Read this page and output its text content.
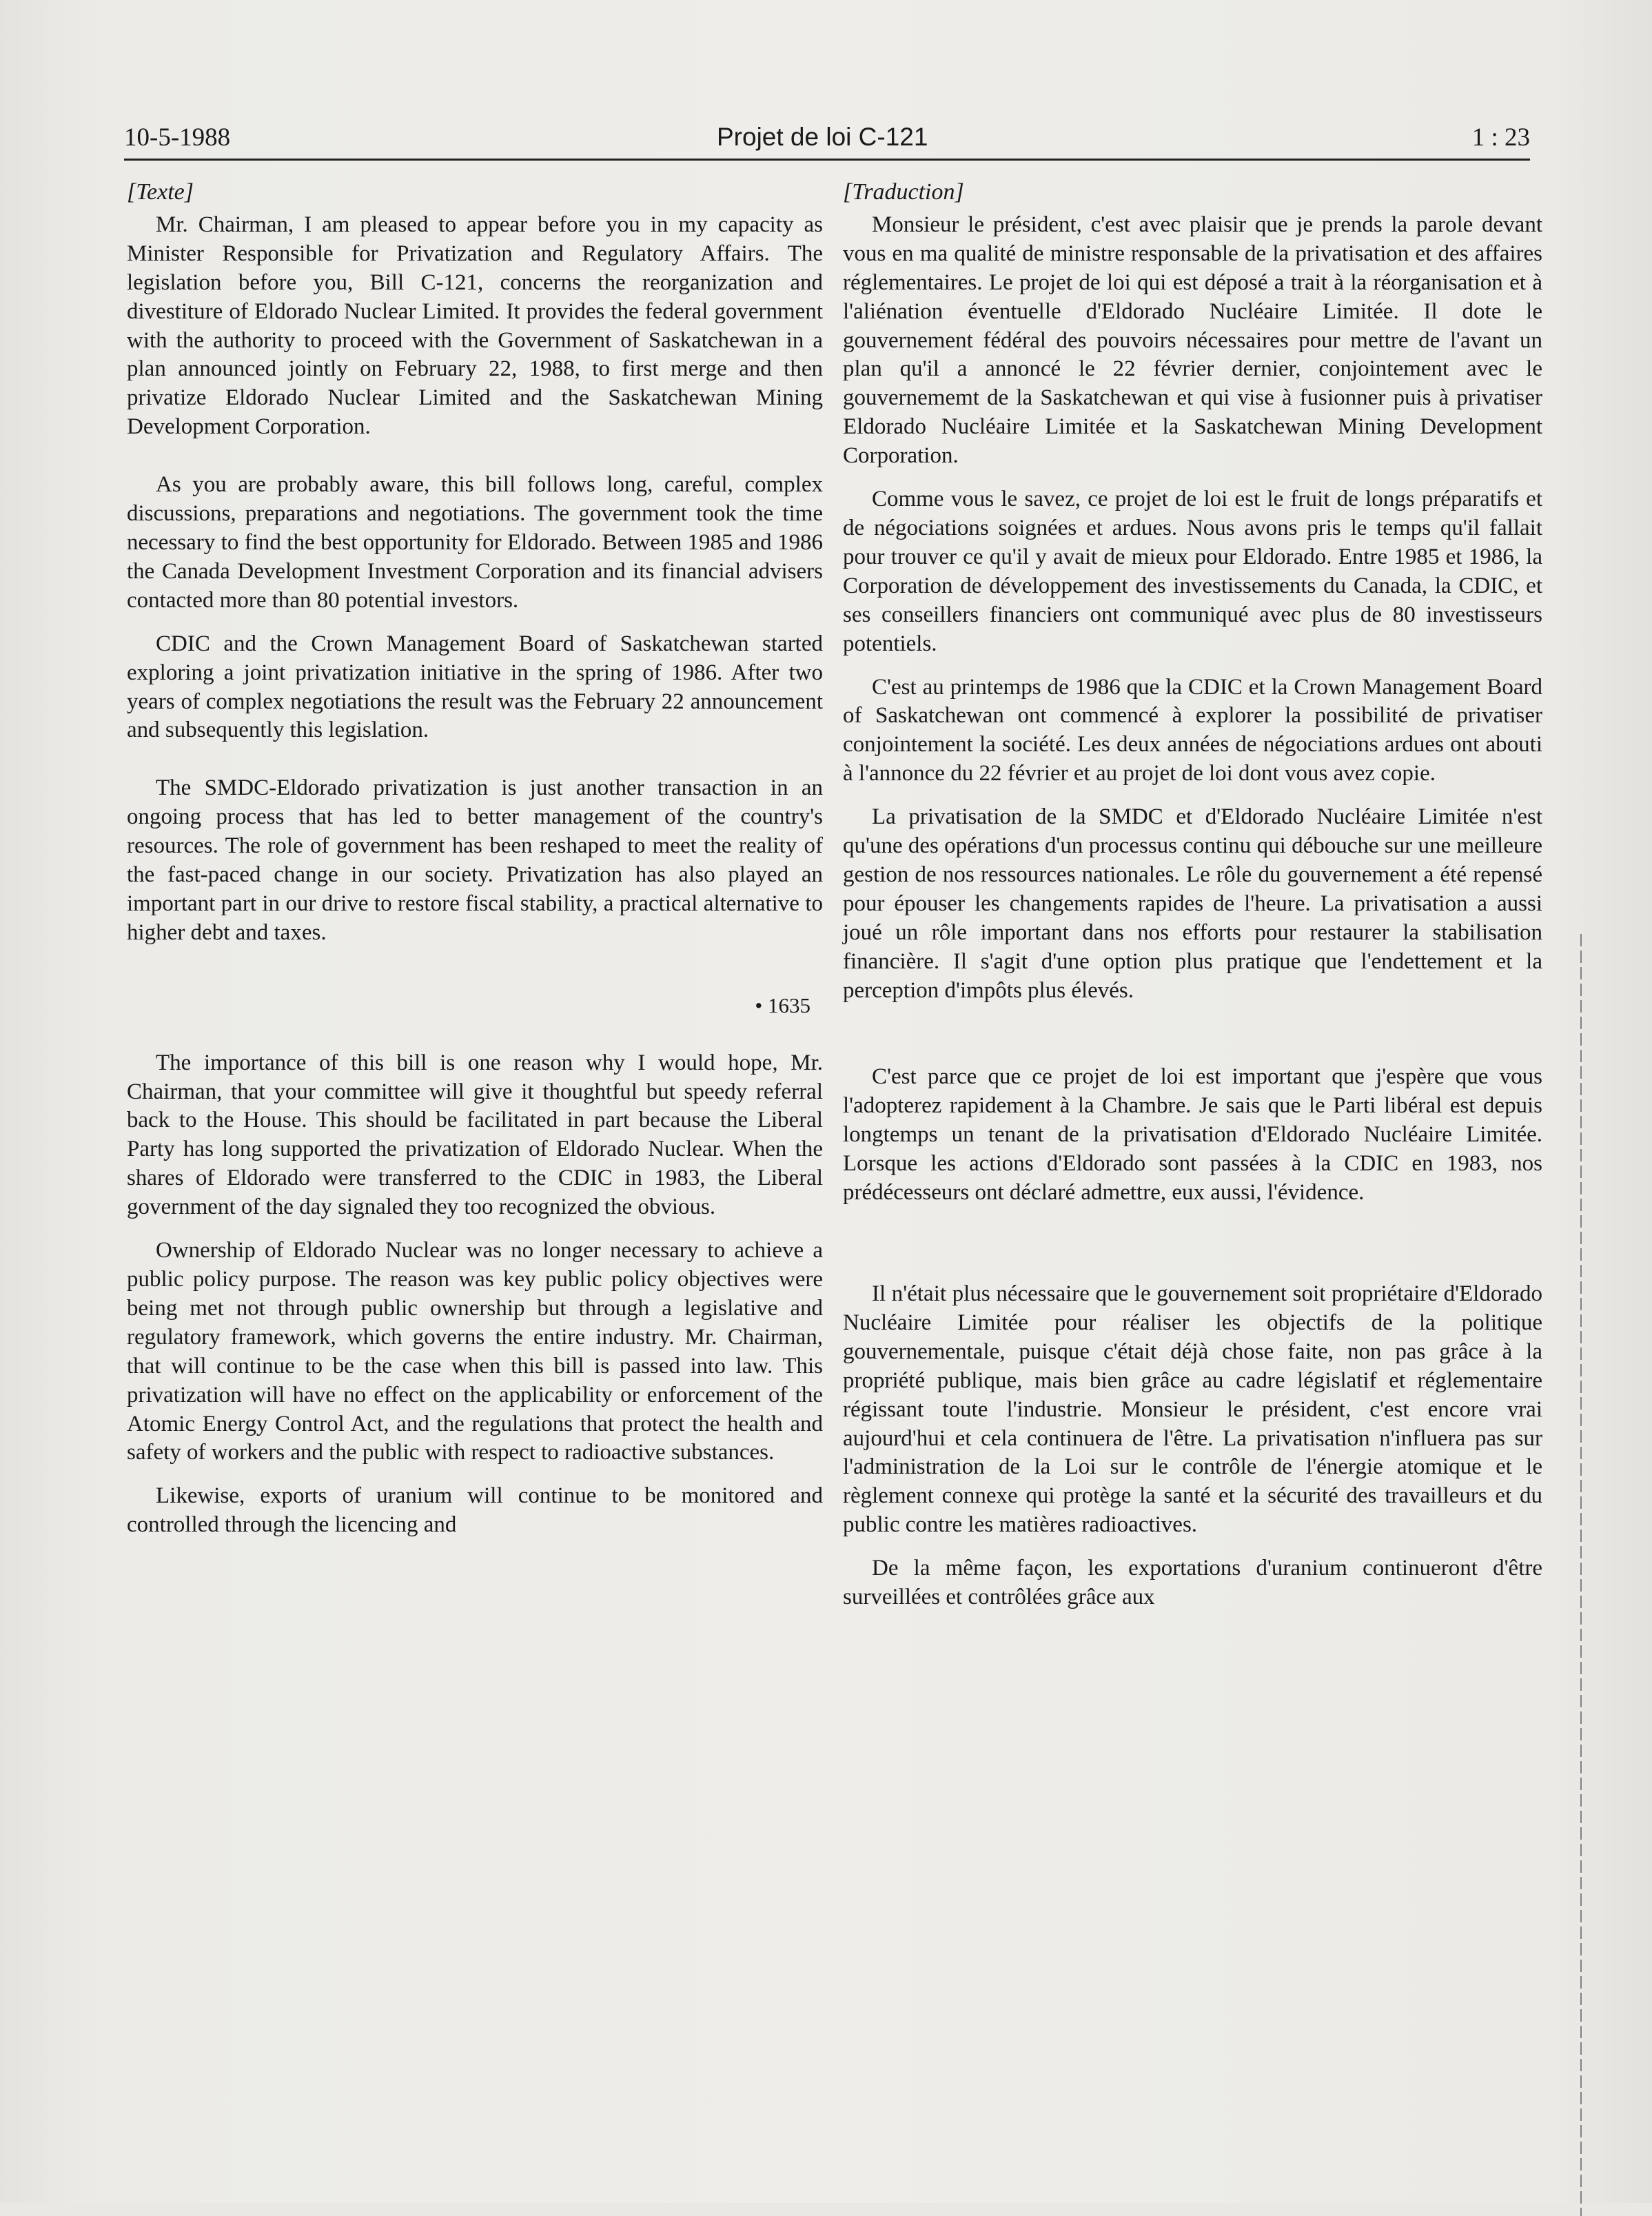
10-5-1988	Projet de loi C-121	1 : 23

[Texte]

Mr. Chairman, I am pleased to appear before you in my capacity as Minister Responsible for Privatization and Regulatory Affairs. The legislation before you, Bill C-121, concerns the reorganization and divestiture of Eldorado Nuclear Limited. It provides the federal government with the authority to proceed with the Government of Saskatchewan in a plan announced jointly on February 22, 1988, to first merge and then privatize Eldorado Nuclear Limited and the Saskatchewan Mining Development Corporation.

As you are probably aware, this bill follows long, careful, complex discussions, preparations and negotiations. The government took the time necessary to find the best opportunity for Eldorado. Between 1985 and 1986 the Canada Development Investment Corporation and its financial advisers contacted more than 80 potential investors.

CDIC and the Crown Management Board of Saskatchewan started exploring a joint privatization initiative in the spring of 1986. After two years of complex negotiations the result was the February 22 announcement and subsequently this legislation.

The SMDC-Eldorado privatization is just another transaction in an ongoing process that has led to better management of the country's resources. The role of government has been reshaped to meet the reality of the fast-paced change in our society. Privatization has also played an important part in our drive to restore fiscal stability, a practical alternative to higher debt and taxes.

• 1635

The importance of this bill is one reason why I would hope, Mr. Chairman, that your committee will give it thoughtful but speedy referral back to the House. This should be facilitated in part because the Liberal Party has long supported the privatization of Eldorado Nuclear. When the shares of Eldorado were transferred to the CDIC in 1983, the Liberal government of the day signaled they too recognized the obvious.

Ownership of Eldorado Nuclear was no longer necessary to achieve a public policy purpose. The reason was key public policy objectives were being met not through public ownership but through a legislative and regulatory framework, which governs the entire industry. Mr. Chairman, that will continue to be the case when this bill is passed into law. This privatization will have no effect on the applicability or enforcement of the Atomic Energy Control Act, and the regulations that protect the health and safety of workers and the public with respect to radioactive substances.

Likewise, exports of uranium will continue to be monitored and controlled through the licencing and

[Traduction]

Monsieur le président, c'est avec plaisir que je prends la parole devant vous en ma qualité de ministre responsable de la privatisation et des affaires réglementaires. Le projet de loi qui est déposé a trait à la réorganisation et à l'aliénation éventuelle d'Eldorado Nucléaire Limitée. Il dote le gouvernement fédéral des pouvoirs nécessaires pour mettre de l'avant un plan qu'il a annoncé le 22 février dernier, conjointement avec le gouvernememt de la Saskatchewan et qui vise à fusionner puis à privatiser Eldorado Nucléaire Limitée et la Saskatchewan Mining Development Corporation.

Comme vous le savez, ce projet de loi est le fruit de longs préparatifs et de négociations soignées et ardues. Nous avons pris le temps qu'il fallait pour trouver ce qu'il y avait de mieux pour Eldorado. Entre 1985 et 1986, la Corporation de développement des investissements du Canada, la CDIC, et ses conseillers financiers ont communiqué avec plus de 80 investisseurs potentiels.

C'est au printemps de 1986 que la CDIC et la Crown Management Board of Saskatchewan ont commencé à explorer la possibilité de privatiser conjointement la société. Les deux années de négociations ardues ont abouti à l'annonce du 22 février et au projet de loi dont vous avez copie.

La privatisation de la SMDC et d'Eldorado Nucléaire Limitée n'est qu'une des opérations d'un processus continu qui débouche sur une meilleure gestion de nos ressources nationales. Le rôle du gouvernement a été repensé pour épouser les changements rapides de l'heure. La privatisation a aussi joué un rôle important dans nos efforts pour restaurer la stabilisation financière. Il s'agit d'une option plus pratique que l'endettement et la perception d'impôts plus élevés.

C'est parce que ce projet de loi est important que j'espère que vous l'adopterez rapidement à la Chambre. Je sais que le Parti libéral est depuis longtemps un tenant de la privatisation d'Eldorado Nucléaire Limitée. Lorsque les actions d'Eldorado sont passées à la CDIC en 1983, nos prédécesseurs ont déclaré admettre, eux aussi, l'évidence.

Il n'était plus nécessaire que le gouvernement soit propriétaire d'Eldorado Nucléaire Limitée pour réaliser les objectifs de la politique gouvernementale, puisque c'était déjà chose faite, non pas grâce à la propriété publique, mais bien grâce au cadre législatif et réglementaire régissant toute l'industrie. Monsieur le président, c'est encore vrai aujourd'hui et cela continuera de l'être. La privatisation n'influera pas sur l'administration de la Loi sur le contrôle de l'énergie atomique et le règlement connexe qui protège la santé et la sécurité des travailleurs et du public contre les matières radioactives.

De la même façon, les exportations d'uranium continueront d'être surveillées et contrôlées grâce aux
